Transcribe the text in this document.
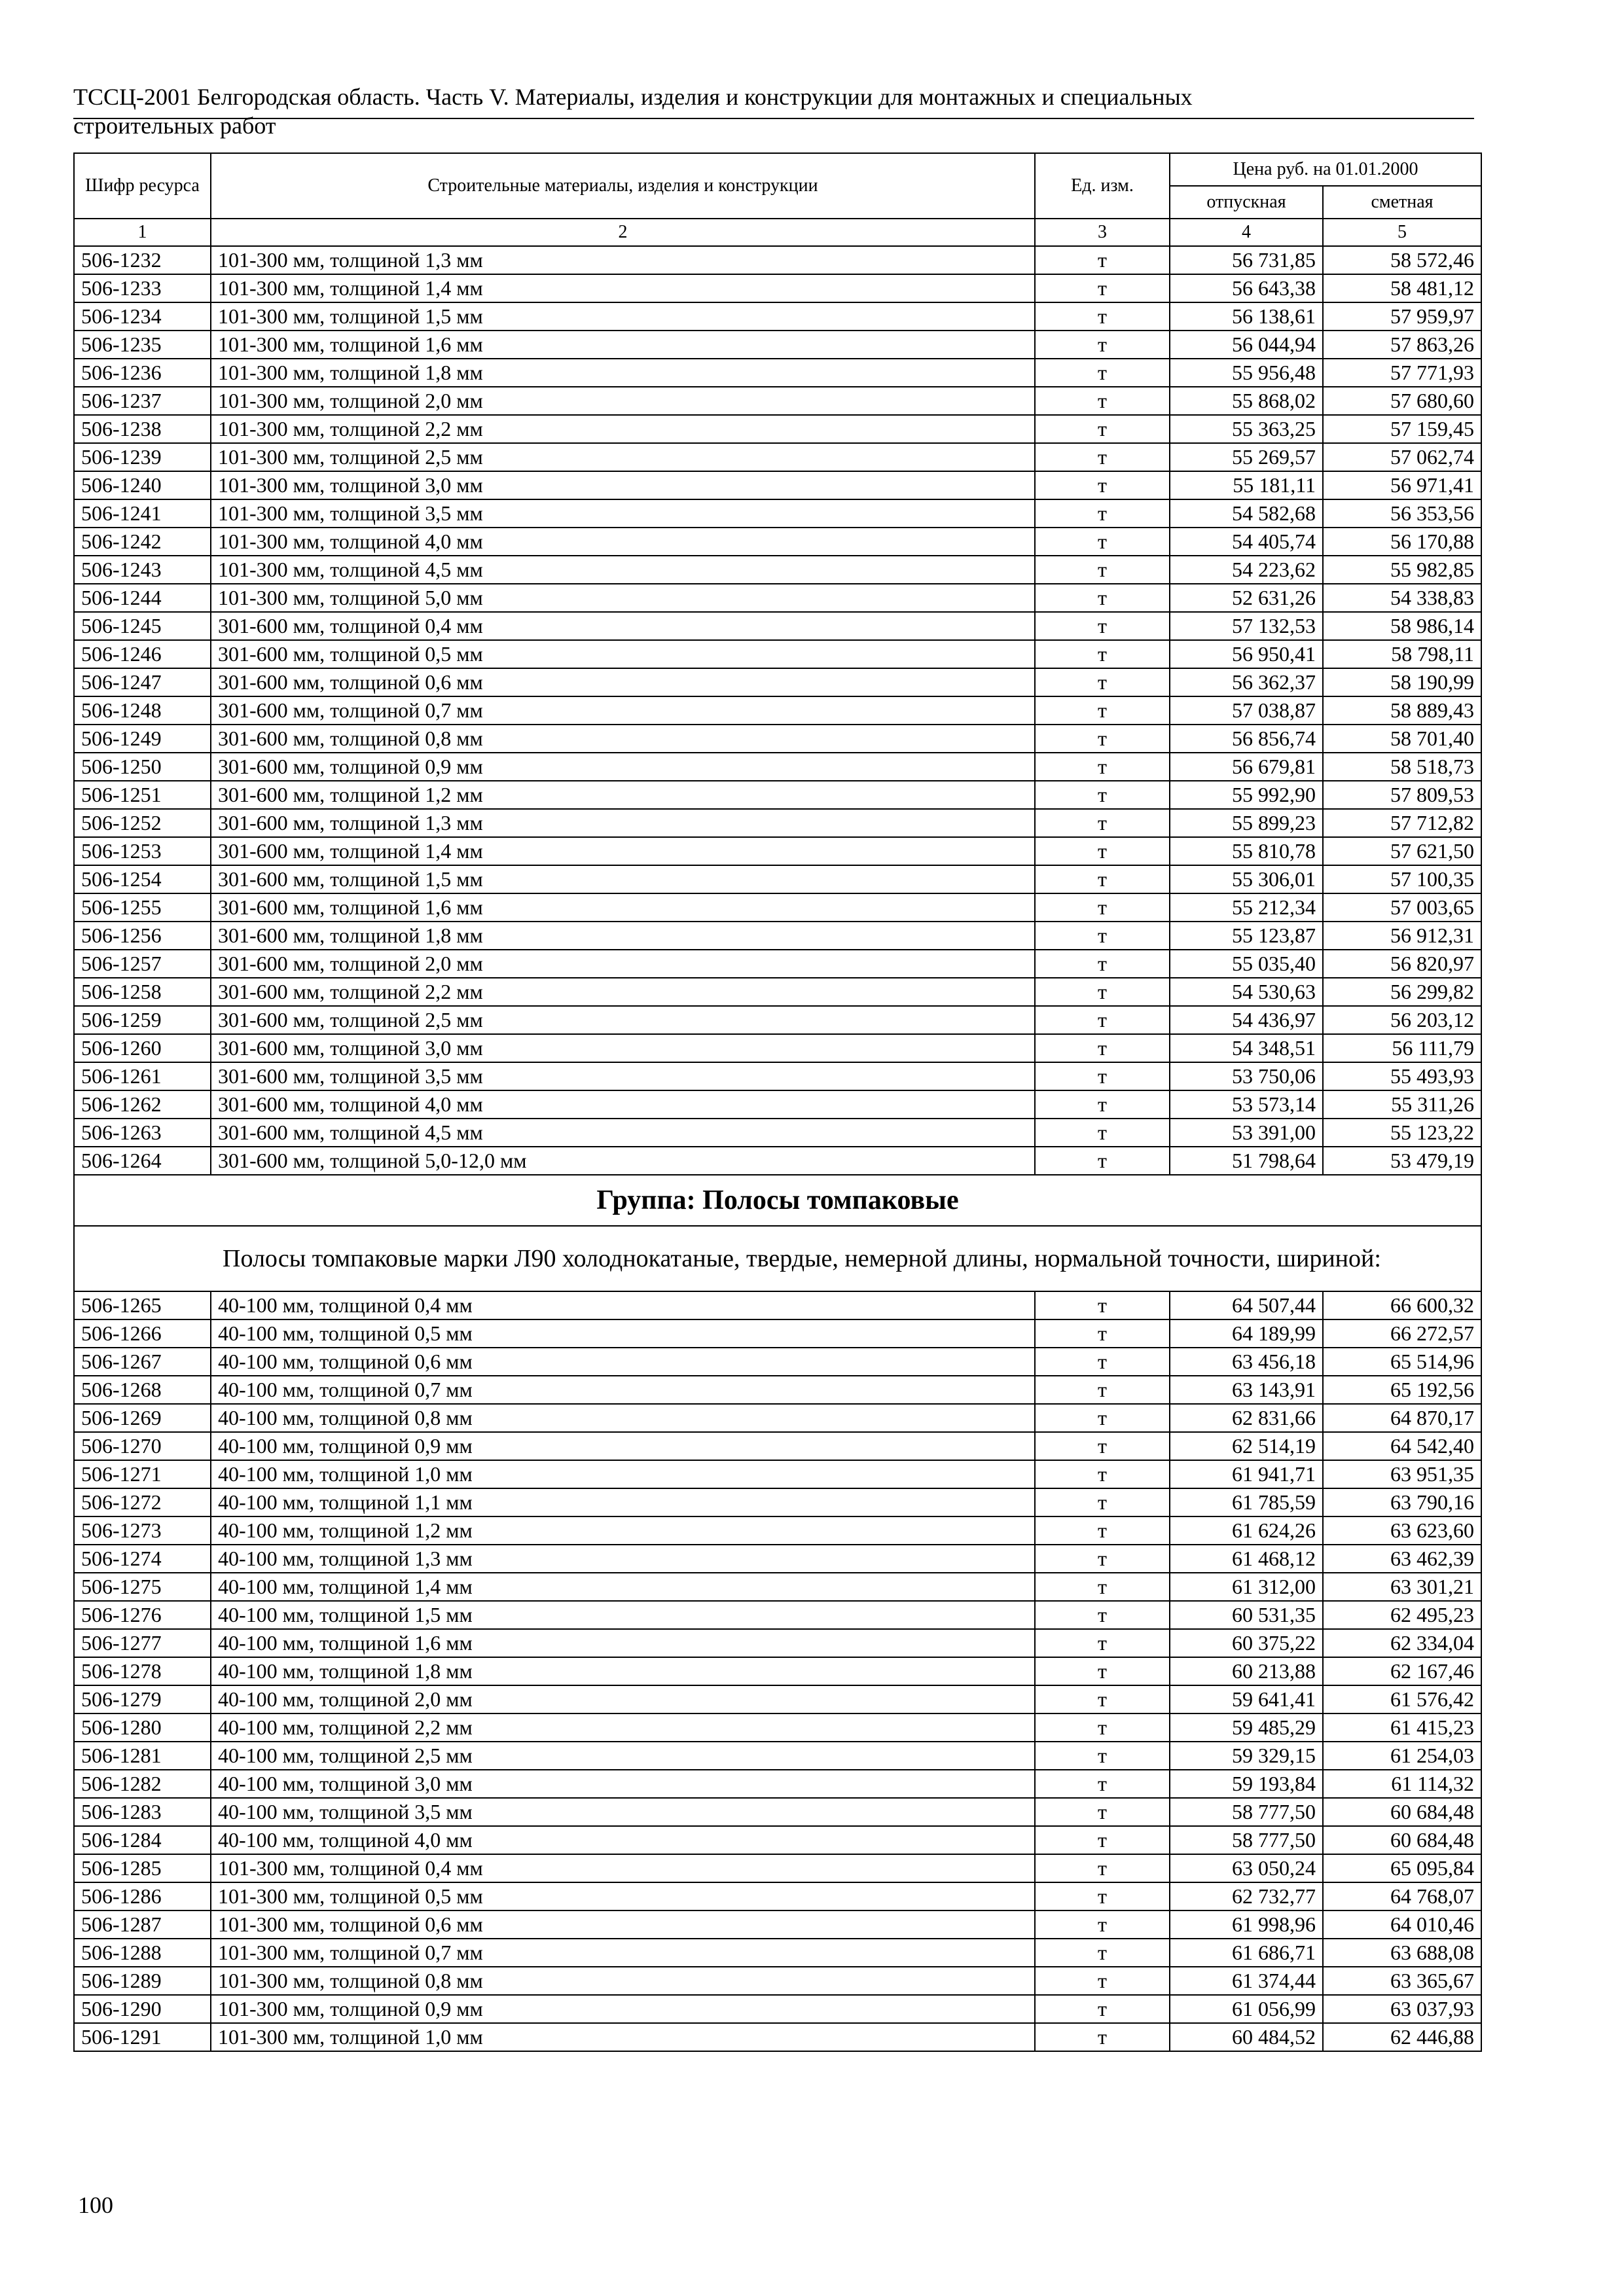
ТССЦ-2001 Белгородская область. Часть V. Материалы, изделия и конструкции для монтажных и специальных
строительных работ
Шифр ресурса	Строительные материалы, изделия и конструкции	Ед. изм.	Цена руб. на 01.01.2000	
			отпускная	сметная
1	2	3	4	5
506-1232	101-300 мм, толщиной 1,3 мм	т	56 731,85	58 572,46
506-1233	101-300 мм, толщиной 1,4 мм	т	56 643,38	58 481,12
506-1234	101-300 мм, толщиной 1,5 мм	т	56 138,61	57 959,97
506-1235	101-300 мм, толщиной 1,6 мм	т	56 044,94	57 863,26
506-1236	101-300 мм, толщиной 1,8 мм	т	55 956,48	57 771,93
506-1237	101-300 мм, толщиной 2,0 мм	т	55 868,02	57 680,60
506-1238	101-300 мм, толщиной 2,2 мм	т	55 363,25	57 159,45
506-1239	101-300 мм, толщиной 2,5 мм	т	55 269,57	57 062,74
506-1240	101-300 мм, толщиной 3,0 мм	т	55 181,11	56 971,41
506-1241	101-300 мм, толщиной 3,5 мм	т	54 582,68	56 353,56
506-1242	101-300 мм, толщиной 4,0 мм	т	54 405,74	56 170,88
506-1243	101-300 мм, толщиной 4,5 мм	т	54 223,62	55 982,85
506-1244	101-300 мм, толщиной 5,0 мм	т	52 631,26	54 338,83
506-1245	301-600 мм, толщиной 0,4 мм	т	57 132,53	58 986,14
506-1246	301-600 мм, толщиной 0,5 мм	т	56 950,41	58 798,11
506-1247	301-600 мм, толщиной 0,6 мм	т	56 362,37	58 190,99
506-1248	301-600 мм, толщиной 0,7 мм	т	57 038,87	58 889,43
506-1249	301-600 мм, толщиной 0,8 мм	т	56 856,74	58 701,40
506-1250	301-600 мм, толщиной 0,9 мм	т	56 679,81	58 518,73
506-1251	301-600 мм, толщиной 1,2 мм	т	55 992,90	57 809,53
506-1252	301-600 мм, толщиной 1,3 мм	т	55 899,23	57 712,82
506-1253	301-600 мм, толщиной 1,4 мм	т	55 810,78	57 621,50
506-1254	301-600 мм, толщиной 1,5 мм	т	55 306,01	57 100,35
506-1255	301-600 мм, толщиной 1,6 мм	т	55 212,34	57 003,65
506-1256	301-600 мм, толщиной 1,8 мм	т	55 123,87	56 912,31
506-1257	301-600 мм, толщиной 2,0 мм	т	55 035,40	56 820,97
506-1258	301-600 мм, толщиной 2,2 мм	т	54 530,63	56 299,82
506-1259	301-600 мм, толщиной 2,5 мм	т	54 436,97	56 203,12
506-1260	301-600 мм, толщиной 3,0 мм	т	54 348,51	56 111,79
506-1261	301-600 мм, толщиной 3,5 мм	т	53 750,06	55 493,93
506-1262	301-600 мм, толщиной 4,0 мм	т	53 573,14	55 311,26
506-1263	301-600 мм, толщиной 4,5 мм	т	53 391,00	55 123,22
506-1264	301-600 мм, толщиной 5,0-12,0 мм	т	51 798,64	53 479,19
Группа: Полосы томпаковые				
	Полосы томпаковые марки Л90 холоднокатаные, твердые, немерной длины, нормальной точности, шириной:			
506-1265	40-100 мм, толщиной 0,4 мм	т	64 507,44	66 600,32
506-1266	40-100 мм, толщиной 0,5 мм	т	64 189,99	66 272,57
506-1267	40-100 мм, толщиной 0,6 мм	т	63 456,18	65 514,96
506-1268	40-100 мм, толщиной 0,7 мм	т	63 143,91	65 192,56
506-1269	40-100 мм, толщиной 0,8 мм	т	62 831,66	64 870,17
506-1270	40-100 мм, толщиной 0,9 мм	т	62 514,19	64 542,40
506-1271	40-100 мм, толщиной 1,0 мм	т	61 941,71	63 951,35
506-1272	40-100 мм, толщиной 1,1 мм	т	61 785,59	63 790,16
506-1273	40-100 мм, толщиной 1,2 мм	т	61 624,26	63 623,60
506-1274	40-100 мм, толщиной 1,3 мм	т	61 468,12	63 462,39
506-1275	40-100 мм, толщиной 1,4 мм	т	61 312,00	63 301,21
506-1276	40-100 мм, толщиной 1,5 мм	т	60 531,35	62 495,23
506-1277	40-100 мм, толщиной 1,6 мм	т	60 375,22	62 334,04
506-1278	40-100 мм, толщиной 1,8 мм	т	60 213,88	62 167,46
506-1279	40-100 мм, толщиной 2,0 мм	т	59 641,41	61 576,42
506-1280	40-100 мм, толщиной 2,2 мм	т	59 485,29	61 415,23
506-1281	40-100 мм, толщиной 2,5 мм	т	59 329,15	61 254,03
506-1282	40-100 мм, толщиной 3,0 мм	т	59 193,84	61 114,32
506-1283	40-100 мм, толщиной 3,5 мм	т	58 777,50	60 684,48
506-1284	40-100 мм, толщиной 4,0 мм	т	58 777,50	60 684,48
506-1285	101-300 мм, толщиной 0,4 мм	т	63 050,24	65 095,84
506-1286	101-300 мм, толщиной 0,5 мм	т	62 732,77	64 768,07
506-1287	101-300 мм, толщиной 0,6 мм	т	61 998,96	64 010,46
506-1288	101-300 мм, толщиной 0,7 мм	т	61 686,71	63 688,08
506-1289	101-300 мм, толщиной 0,8 мм	т	61 374,44	63 365,67
506-1290	101-300 мм, толщиной 0,9 мм	т	61 056,99	63 037,93
506-1291	101-300 мм, толщиной 1,0 мм	т	60 484,52	62 446,88
100
